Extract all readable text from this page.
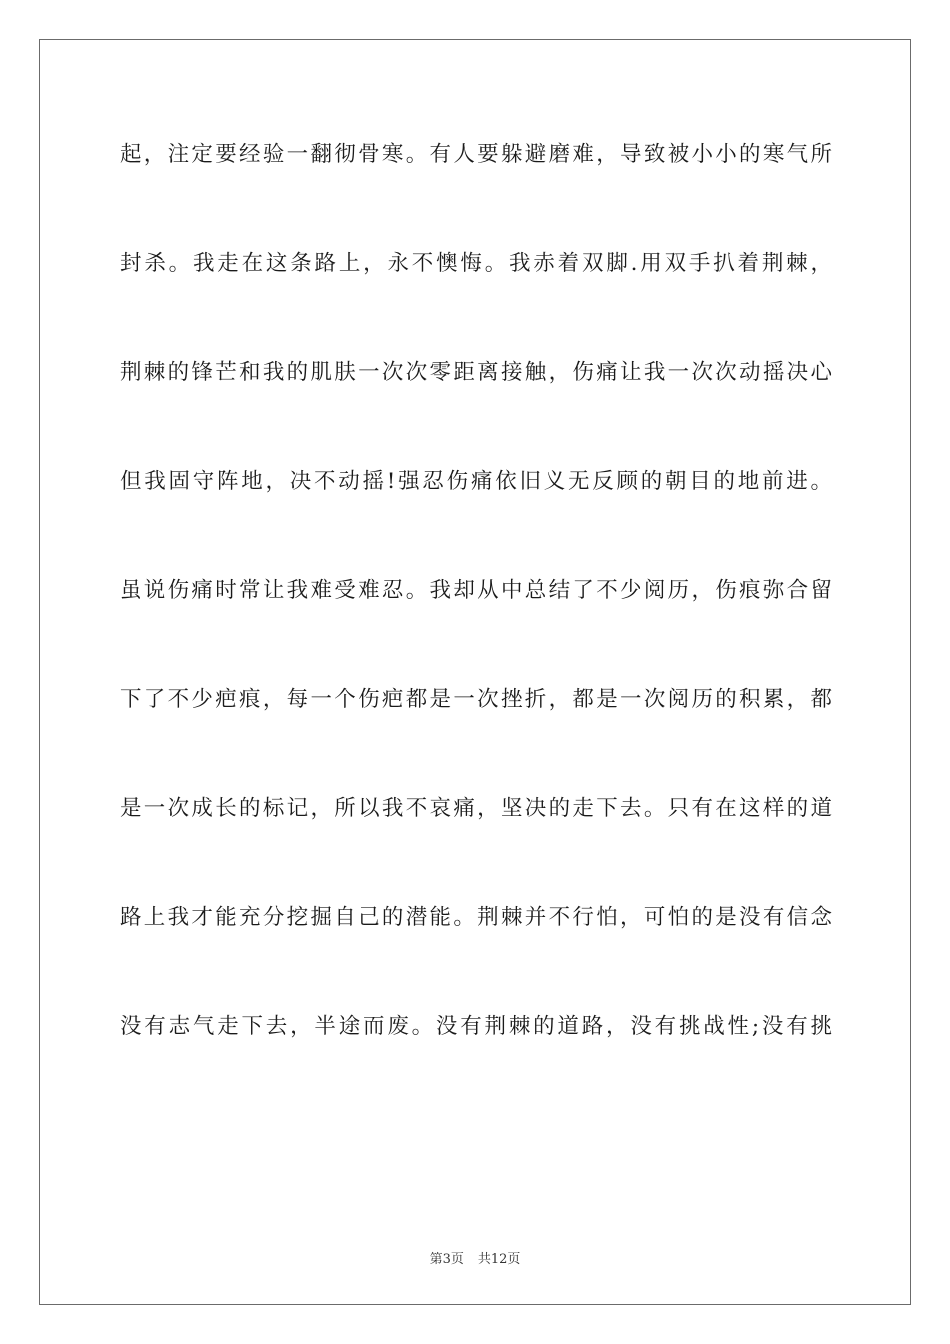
起，注定要经验一翻彻骨寒。有人要躲避磨难，导致被小小的寒气所
封杀。我走在这条路上，永不懊悔。我赤着双脚.用双手扒着荆棘，
荆棘的锋芒和我的肌肤一次次零距离接触，伤痛让我一次次动摇决心
但我固守阵地，决不动摇!强忍伤痛依旧义无反顾的朝目的地前进。
虽说伤痛时常让我难受难忍。我却从中总结了不少阅历，伤痕弥合留
下了不少疤痕，每一个伤疤都是一次挫折，都是一次阅历的积累，都
是一次成长的标记，所以我不哀痛，坚决的走下去。只有在这样的道
路上我才能充分挖掘自己的潜能。荆棘并不行怕，可怕的是没有信念
没有志气走下去，半途而废。没有荆棘的道路，没有挑战性;没有挑
第3页 共12页
